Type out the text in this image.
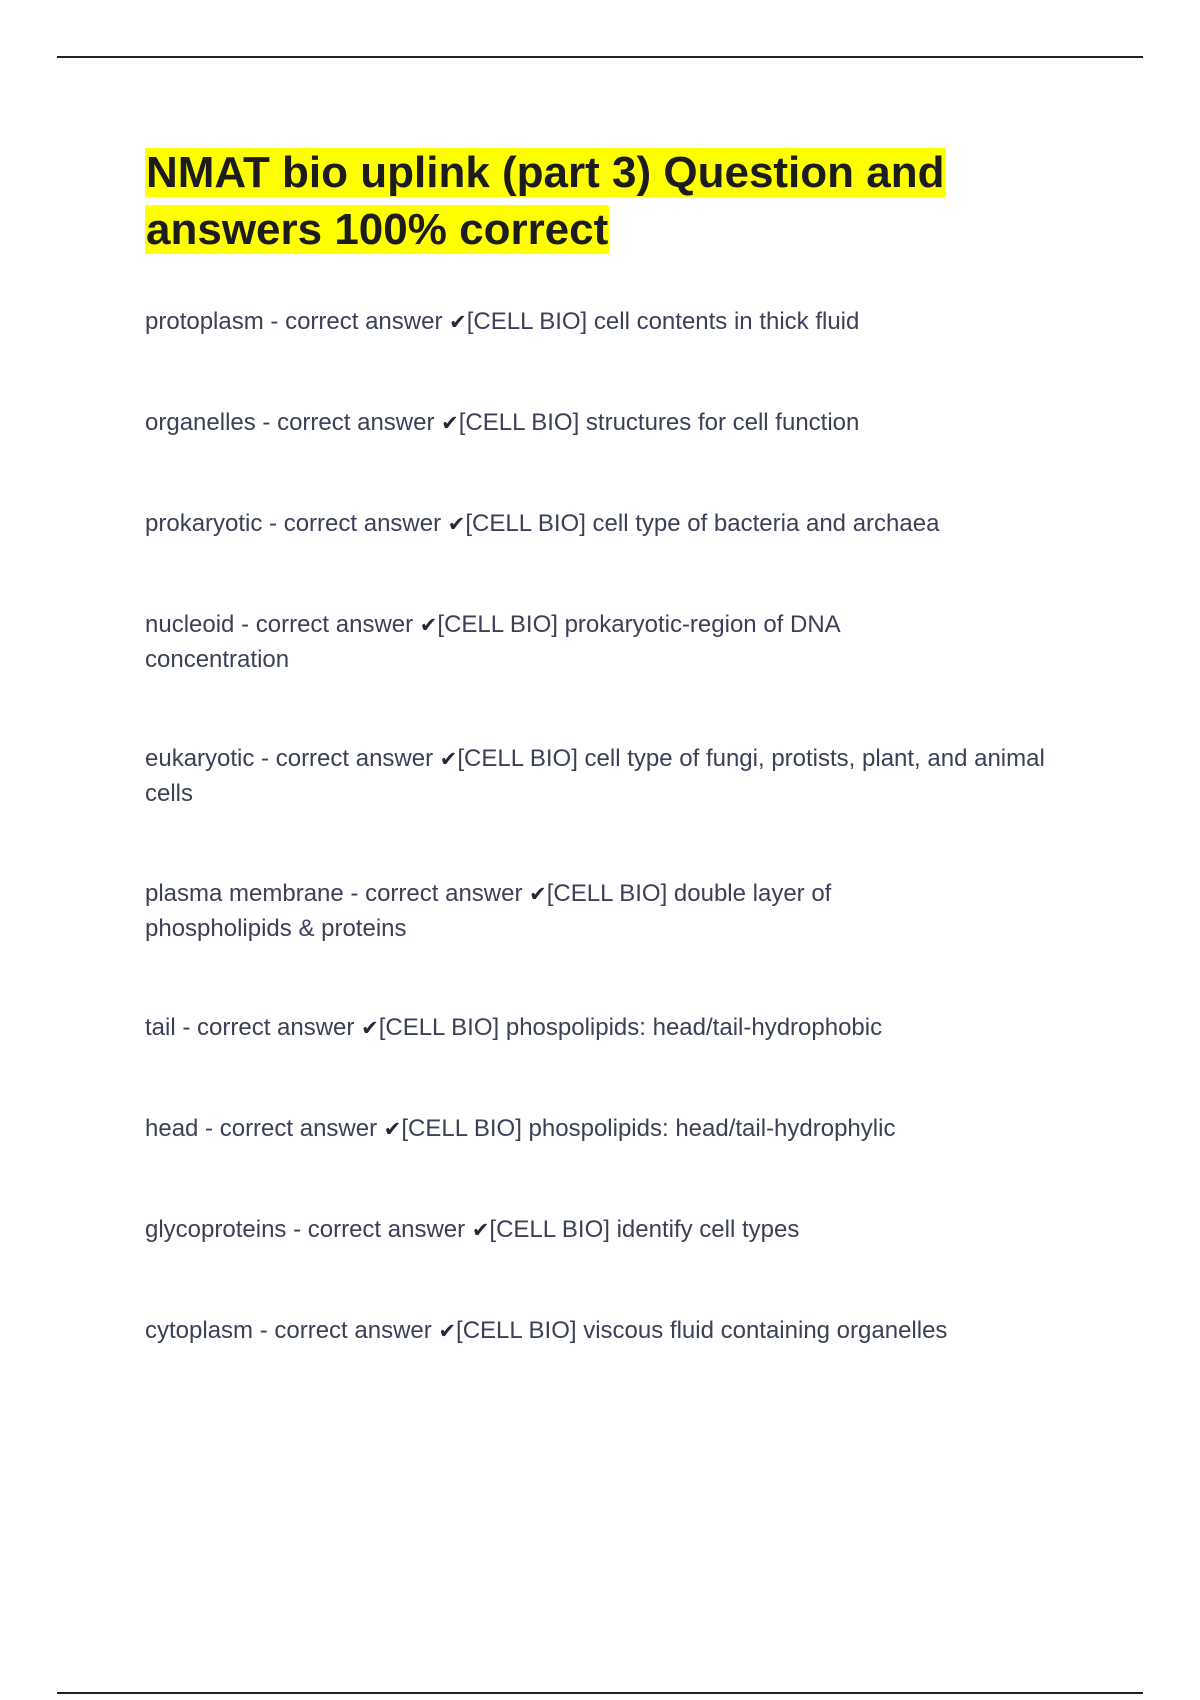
NMAT bio uplink (part 3) Question and answers 100% correct

protoplasm - correct answer ✔[CELL BIO] cell contents in thick fluid

organelles - correct answer ✔[CELL BIO] structures for cell function

prokaryotic - correct answer ✔[CELL BIO] cell type of bacteria and archaea

nucleoid - correct answer ✔[CELL BIO] prokaryotic-region of DNA concentration

eukaryotic - correct answer ✔[CELL BIO] cell type of fungi, protists, plant, and animal cells

plasma membrane - correct answer ✔[CELL BIO] double layer of phospholipids & proteins

tail - correct answer ✔[CELL BIO] phospolipids: head/tail-hydrophobic

head - correct answer ✔[CELL BIO] phospolipids: head/tail-hydrophylic

glycoproteins - correct answer ✔[CELL BIO] identify cell types

cytoplasm - correct answer ✔[CELL BIO] viscous fluid containing organelles
